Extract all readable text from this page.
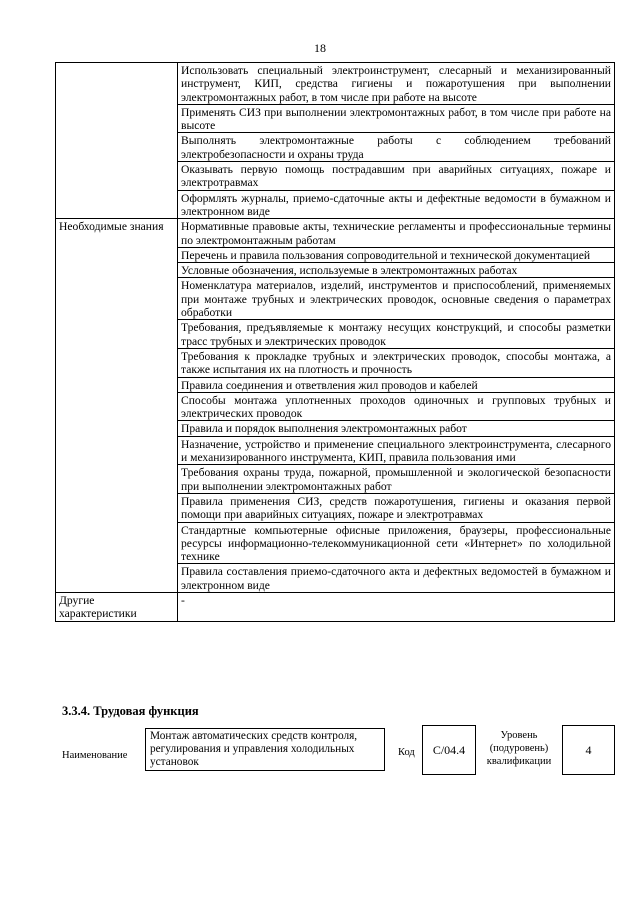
18
	Использовать специальный электроинструмент, слесарный и механизированный инструмент, КИП, средства гигиены и пожаротушения при выполнении электромонтажных работ, в том числе при работе на высоте
	Применять СИЗ при выполнении электромонтажных работ, в том числе при работе на высоте
	Выполнять электромонтажные работы с соблюдением требований электробезопасности и охраны труда
	Оказывать первую помощь пострадавшим при аварийных ситуациях, пожаре и электротравмах
	Оформлять журналы, приемо-сдаточные акты и дефектные ведомости в бумажном и электронном виде
Необходимые знания	Нормативные правовые акты, технические регламенты и профессиональные термины по электромонтажным работам
	Перечень и правила пользования сопроводительной и технической документацией
	Условные обозначения, используемые в электромонтажных работах
	Номенклатура материалов, изделий, инструментов и приспособлений, применяемых при монтаже трубных и электрических проводок, основные сведения о параметрах обработки
	Требования, предъявляемые к монтажу несущих конструкций, и способы разметки трасс трубных и электрических проводок
	Требования к прокладке трубных и электрических проводок, способы монтажа, а также испытания их на плотность и прочность
	Правила соединения и ответвления жил проводов и кабелей
	Способы монтажа уплотненных проходов одиночных и групповых трубных и электрических проводок
	Правила и порядок выполнения электромонтажных работ
	Назначение, устройство и применение специального электроинструмента, слесарного и механизированного инструмента, КИП, правила пользования ими
	Требования охраны труда, пожарной, промышленной и экологической безопасности при выполнении электромонтажных работ
	Правила применения СИЗ, средств пожаротушения, гигиены и оказания первой помощи при аварийных ситуациях, пожаре и электротравмах
	Стандартные компьютерные офисные приложения, браузеры, профессиональные ресурсы информационно-телекоммуникационной сети «Интернет» по холодильной технике
	Правила составления приемо-сдаточного акта и дефектных ведомостей в бумажном и электронном виде
Другие характеристики	-
3.3.4. Трудовая функция
Наименование
Монтаж автоматических средств контроля, регулирования и управления холодильных установок
Код	C/04.4
Уровень (подуровень) квалификации
4
